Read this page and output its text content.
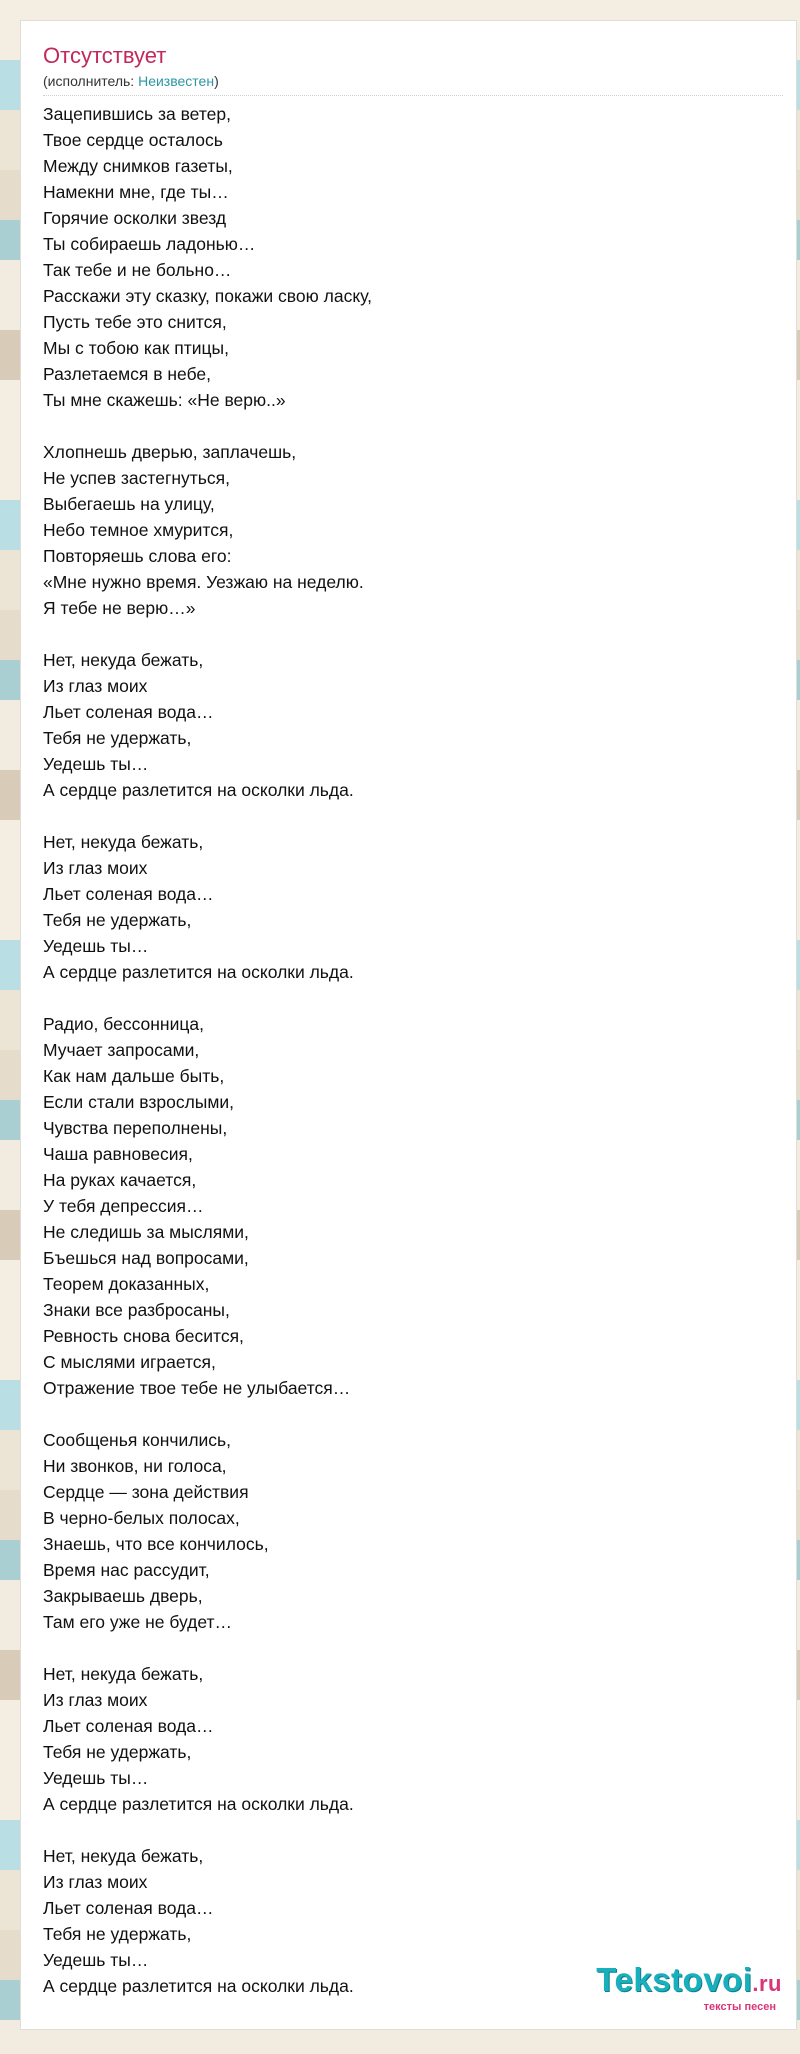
Отсутствует
(исполнитель: Неизвестен)
Зацепившись за ветер,
Твое сердце осталось
Между снимков газеты,
Намекни мне, где ты…
Горячие осколки звезд
Ты собираешь ладонью…
Так тебе и не больно…
Расскажи эту сказку, покажи свою ласку,
Пусть тебе это снится,
Мы с тобою как птицы,
Разлетаемся в небе,
Ты мне скажешь: «Не верю..»
Хлопнешь дверью, заплачешь,
Не успев застегнуться,
Выбегаешь на улицу,
Небо темное хмурится,
Повторяешь слова его:
«Мне нужно время. Уезжаю на неделю.
Я тебе не верю…»
Нет, некуда бежать,
Из глаз моих
Льет соленая вода…
Тебя не удержать,
Уедешь ты…
А сердце разлетится на осколки льда.
Нет, некуда бежать,
Из глаз моих
Льет соленая вода…
Тебя не удержать,
Уедешь ты…
А сердце разлетится на осколки льда.
Радио, бессонница,
Мучает запросами,
Как нам дальше быть,
Если стали взрослыми,
Чувства переполнены,
Чаша равновесия,
На руках качается,
У тебя депрессия…
Не следишь за мыслями,
Бъешься над вопросами,
Теорем доказанных,
Знаки все разбросаны,
Ревность снова бесится,
С мыслями играется,
Отражение твое тебе не улыбается…
Сообщенья кончились,
Ни звонков, ни голоса,
Сердце — зона действия
В черно-белых полосах,
Знаешь, что все кончилось,
Время нас рассудит,
Закрываешь дверь,
Там его уже не будет…
Нет, некуда бежать,
Из глаз моих
Льет соленая вода…
Тебя не удержать,
Уедешь ты…
А сердце разлетится на осколки льда.
Нет, некуда бежать,
Из глаз моих
Льет соленая вода…
Тебя не удержать,
Уедешь ты…
А сердце разлетится на осколки льда.	Tekstovoi.ru
тексты песен
